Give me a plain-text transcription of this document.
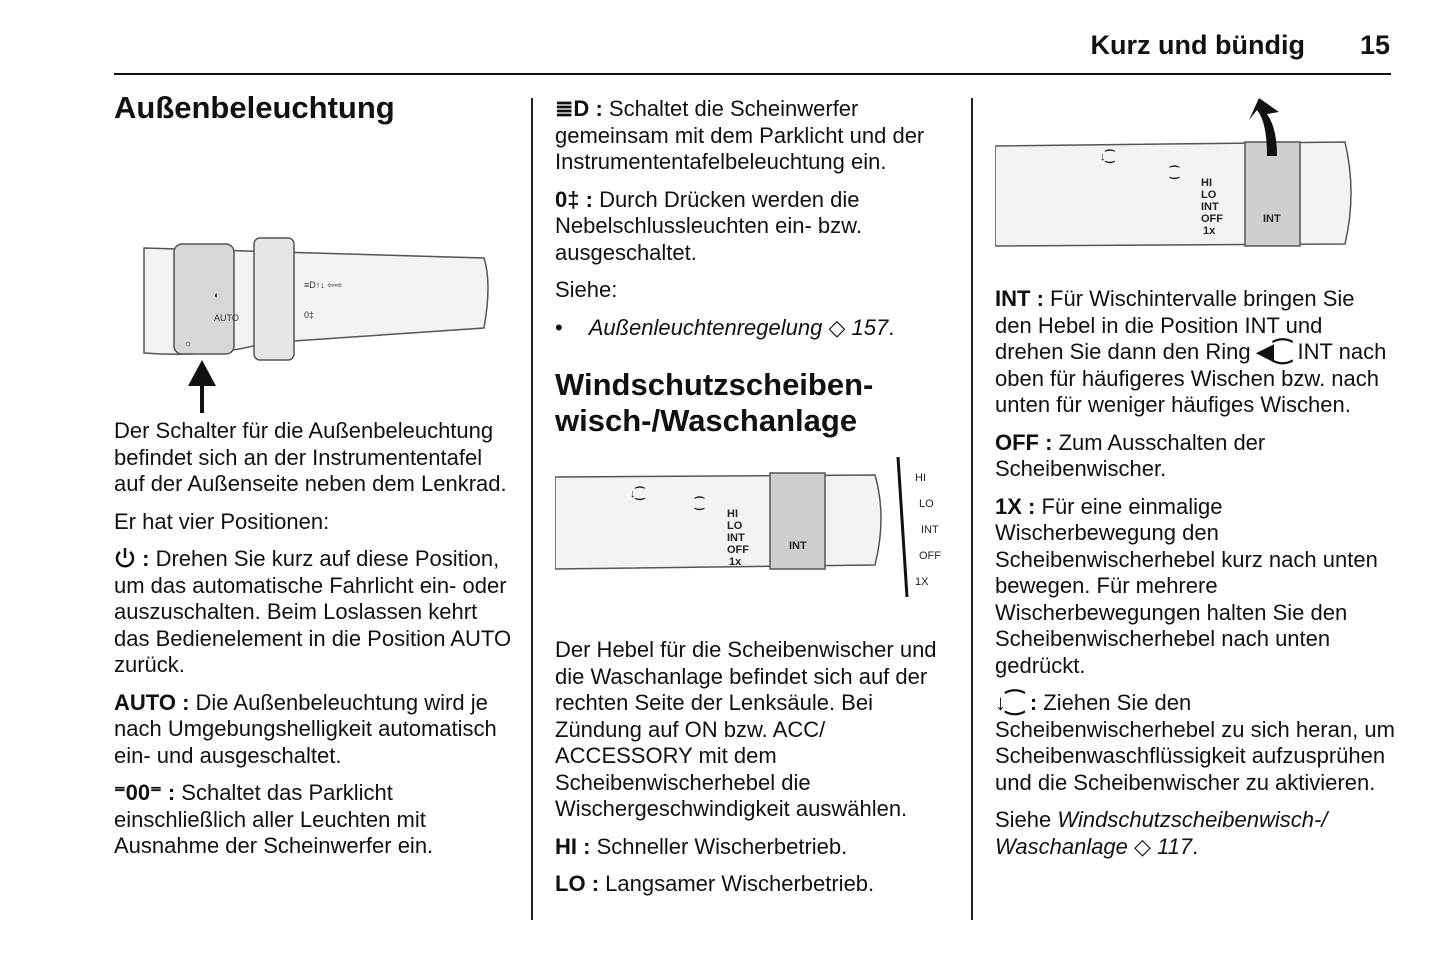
Kurz und bündig 15
Außenbeleuchtung
☼
◐
AUTO
≡D↑↓ ⇦⇨
0‡

Der Schalter für die Außenbeleuchtung befindet sich an der Instrumententafel auf der Außenseite neben dem Lenkrad.

Er hat vier Positionen:

: Drehen Sie kurz auf diese Position, um das automatische Fahrlicht ein- oder auszuschalten. Beim Loslassen kehrt das Bedienelement in die Position AUTO zurück.

AUTO : Die Außenbeleuchtung wird je nach Umgebungshelligkeit automatisch ein- und ausgeschaltet.

⁼00⁼ : Schaltet das Parklicht einschließlich aller Leuchten mit Ausnahme der Scheinwerfer ein.

≣D : Schaltet die Scheinwerfer gemeinsam mit dem Parklicht und der Instrumententafelbeleuchtung ein.

0‡ : Durch Drücken werden die Nebelschlussleuchten ein- bzw. ausgeschaltet.

Siehe:

• Außenleuchtenregelung ◇ 157.
Windschutzscheiben-wisch-/Waschanlage
↓⁐
⁐
HI
LO
INT
OFF
1x
INT
HI
LO
INT
OFF
1X

Der Hebel für die Scheibenwischer und die Waschanlage befindet sich auf der rechten Seite der Lenksäule. Bei Zündung auf ON bzw. ACC/ ACCESSORY mit dem Scheibenwischerhebel die Wischergeschwindigkeit auswählen.

HI : Schneller Wischerbetrieb.

LO : Langsamer Wischerbetrieb.

↓⁐
⁐
HI
LO
INT
OFF
1x
INT

INT : Für Wischintervalle bringen Sie den Hebel in die Position INT und drehen Sie dann den Ring ◀⁐ INT nach oben für häufigeres Wischen bzw. nach unten für weniger häufiges Wischen.

OFF : Zum Ausschalten der Scheibenwischer.

1X : Für eine einmalige Wischerbewegung den Scheibenwischerhebel kurz nach unten bewegen. Für mehrere Wischerbewegungen halten Sie den Scheibenwischerhebel nach unten gedrückt.

↓⁐ : Ziehen Sie den Scheibenwischerhebel zu sich heran, um Scheibenwaschflüssigkeit aufzusprühen und die Scheibenwischer zu aktivieren.

Siehe Windschutzscheibenwisch-/ Waschanlage ◇ 117.
